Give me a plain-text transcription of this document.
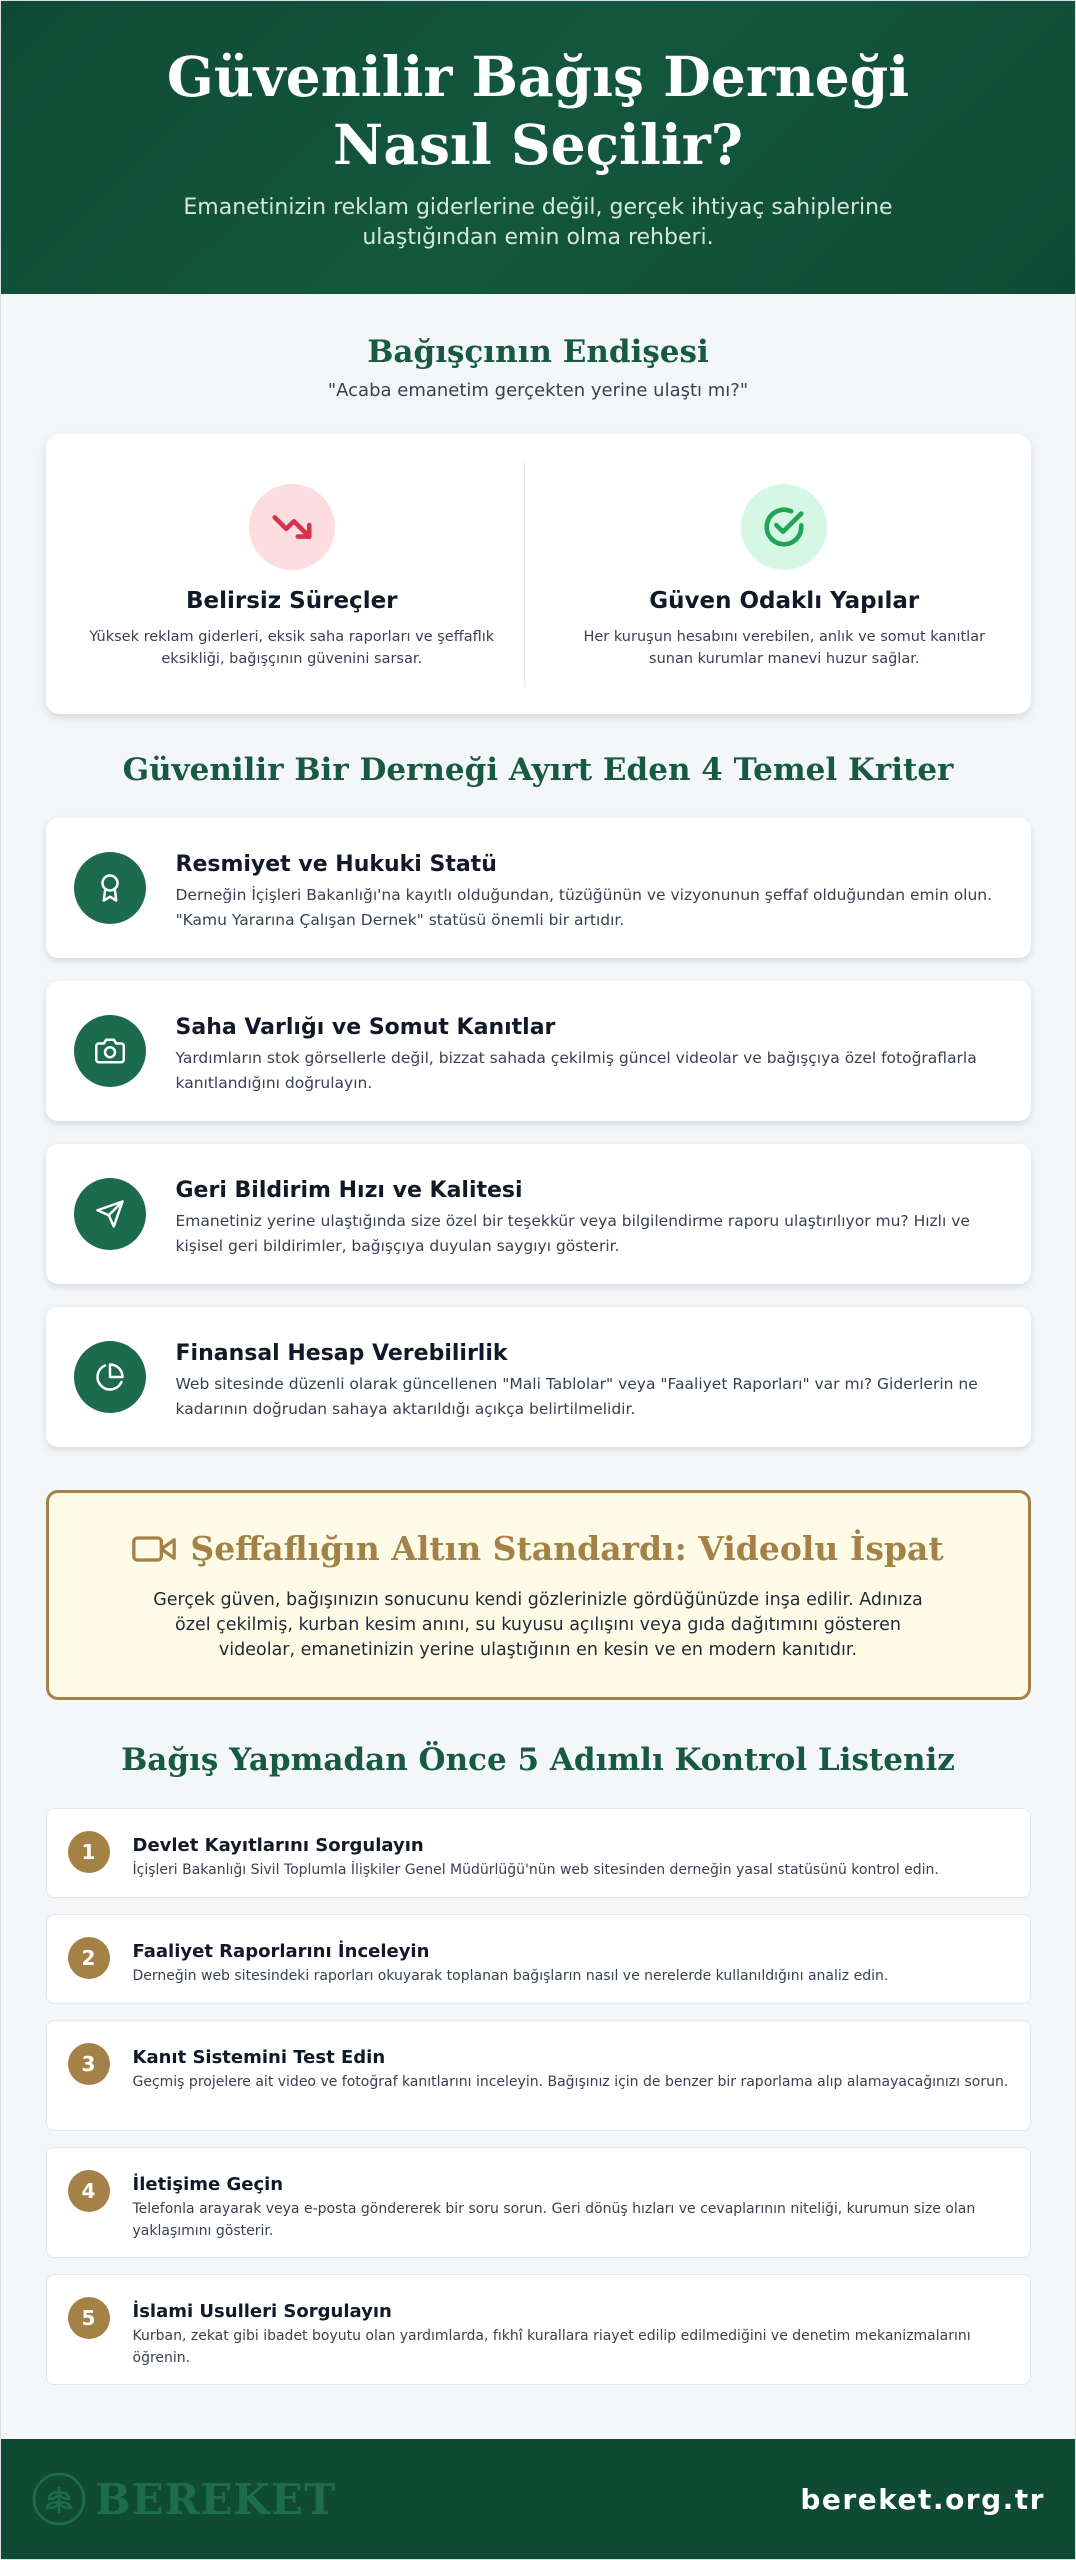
Güvenilir Bağış Derneği Nasıl Seçilir?

Emanetinizin reklam giderlerine değil, gerçek ihtiyaç sahiplerine ulaştığından emin olma rehberi.

Bağışçının Endişesi
"Acaba emanetim gerçekten yerine ulaştı mı?"
Belirsiz Süreçler

Yüksek reklam giderleri, eksik saha raporları ve şeffaflık eksikliği, bağışçının güvenini sarsar.

Güven Odaklı Yapılar

Her kuruşun hesabını verebilen, anlık ve somut kanıtlar sunan kurumlar manevi huzur sağlar.

Güvenilir Bir Derneği Ayırt Eden 4 Temel Kriter
Resmiyet ve Hukuki Statü

Derneğin İçişleri Bakanlığı'na kayıtlı olduğundan, tüzüğünün ve vizyonunun şeffaf olduğundan emin olun. "Kamu Yararına Çalışan Dernek" statüsü önemli bir artıdır.

Saha Varlığı ve Somut Kanıtlar

Yardımların stok görsellerle değil, bizzat sahada çekilmiş güncel videolar ve bağışçıya özel fotoğraflarla kanıtlandığını doğrulayın.

Geri Bildirim Hızı ve Kalitesi

Emanetiniz yerine ulaştığında size özel bir teşekkür veya bilgilendirme raporu ulaştırılıyor mu? Hızlı ve kişisel geri bildirimler, bağışçıya duyulan saygıyı gösterir.

Finansal Hesap Verebilirlik

Web sitesinde düzenli olarak güncellenen "Mali Tablolar" veya "Faaliyet Raporları" var mı? Giderlerin ne kadarının doğrudan sahaya aktarıldığı açıkça belirtilmelidir.

Şeffaflığın Altın Standardı: Videolu İspat

Gerçek güven, bağışınızın sonucunu kendi gözlerinizle gördüğünüzde inşa edilir. Adınıza özel çekilmiş, kurban kesim anını, su kuyusu açılışını veya gıda dağıtımını gösteren videolar, emanetinizin yerine ulaştığının en kesin ve en modern kanıtıdır.

Bağış Yapmadan Önce 5 Adımlı Kontrol Listeniz
1	Devlet Kayıtlarını Sorgulayın

İçişleri Bakanlığı Sivil Toplumla İlişkiler Genel Müdürlüğü'nün web sitesinden derneğin yasal statüsünü kontrol edin.

2	Faaliyet Raporlarını İnceleyin

Derneğin web sitesindeki raporları okuyarak toplanan bağışların nasıl ve nerelerde kullanıldığını analiz edin.

3	Kanıt Sistemini Test Edin

Geçmiş projelere ait video ve fotoğraf kanıtlarını inceleyin. Bağışınız için de benzer bir raporlama alıp alamayacağınızı sorun.

4	İletişime Geçin

Telefonla arayarak veya e-posta göndererek bir soru sorun. Geri dönüş hızları ve cevaplarının niteliği, kurumun size olan yaklaşımını gösterir.

5	İslami Usulleri Sorgulayın

Kurban, zekat gibi ibadet boyutu olan yardımlarda, fıkhî kurallara riayet edilip edilmediğini ve denetim mekanizmalarını öğrenin.

BEREKET	bereket.org.tr
